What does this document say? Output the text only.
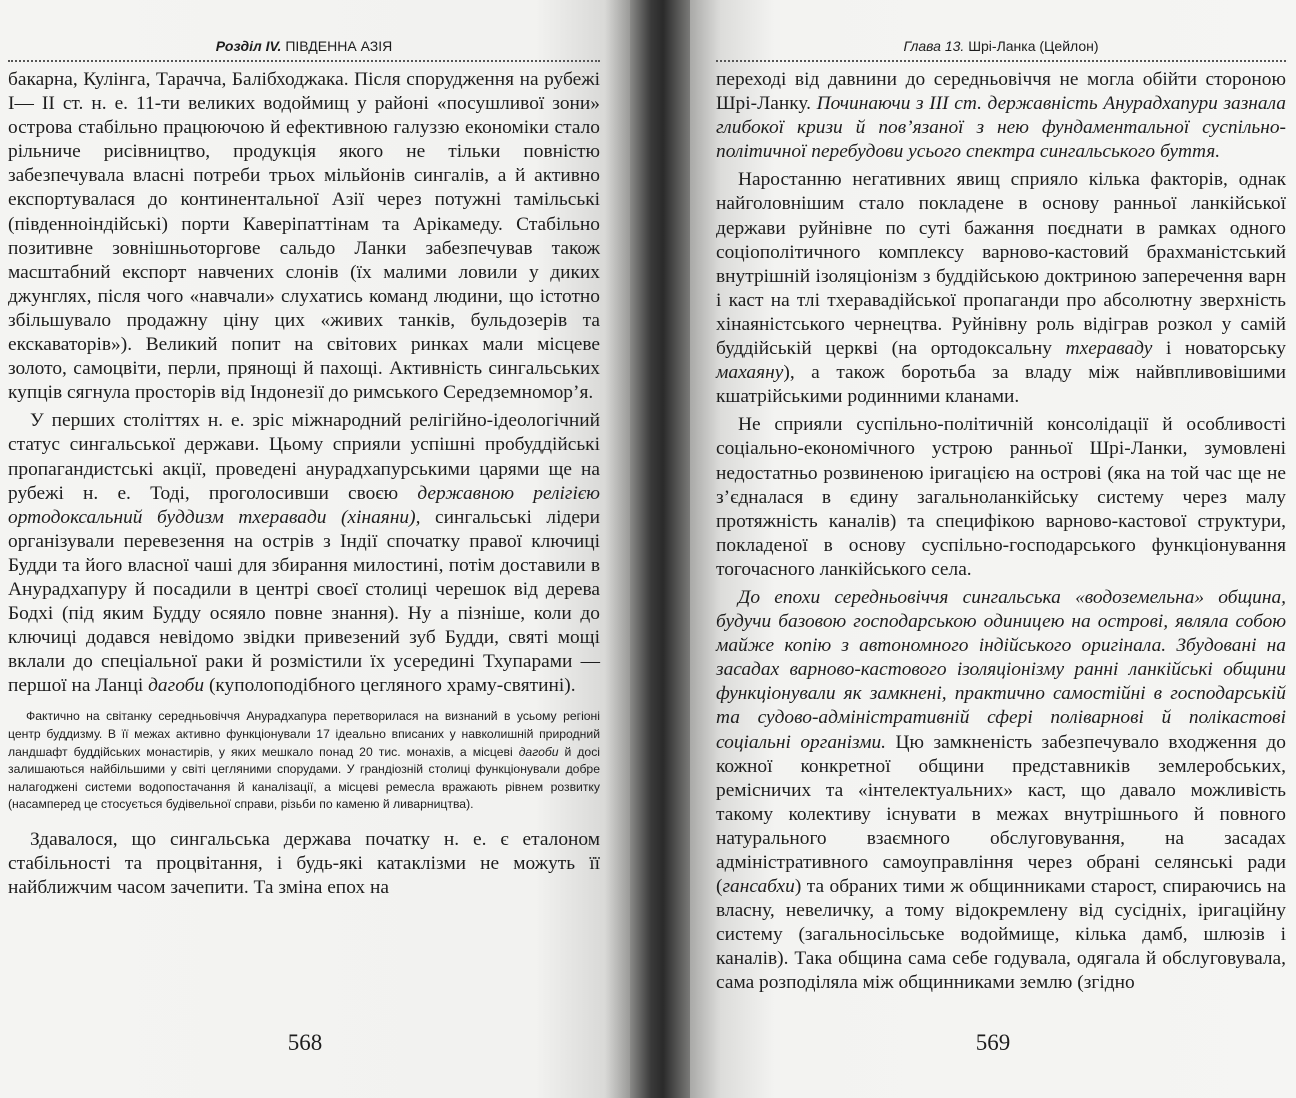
Розділ IV. ПІВДЕННА АЗІЯ

бакарна, Кулінга, Тарачча, Балібходжака. Після спорудження на рубежі I— II ст. н. е. 11-ти великих водоймищ у районі «посушливої зони» острова стабільно працюючою й ефективною галуззю економіки стало рільниче рисівництво, продукція якого не тільки повністю забезпечувала власні потреби трьох мільйонів сингалів, а й активно експортувалася до континентальної Азії через потужні тамільські (південноіндійські) порти Каверіпаттінам та Арікамеду. Стабільно позитивне зовнішньоторгове сальдо Ланки забезпечував також масштабний експорт навчених слонів (їх малими ловили у диких джунглях, після чого «навчали» слухатись команд людини, що істотно збільшувало продажну ціну цих «живих танків, бульдозерів та екскаваторів»). Великий попит на світових ринках мали місцеве золото, самоцвіти, перли, прянощі й пахощі. Активність сингальських купців сягнула просторів від Індонезії до римського Середземномор’я.

У перших століттях н. е. зріс міжнародний релігійно-ідеологічний статус сингальської держави. Цьому сприяли успішні пробуддійські пропагандистські акції, проведені анурадхапурськими царями ще на рубежі н. е. Тоді, проголосивши своєю державною релігією ортодоксальний буддизм тхеравади (хінаяни), сингальські лідери організували перевезення на острів з Індії спочатку правої ключиці Будди та його власної чаші для збирання милостині, потім доставили в Анурадхапуру й посадили в центрі своєї столиці черешок від дерева Бодхі (під яким Будду осяяло повне знання). Ну а пізніше, коли до ключиці додався невідомо звідки привезений зуб Будди, святі мощі вклали до спеціальної раки й розмістили їх усередині Тхупарами — першої на Ланці дагоби (куполоподібного цегляного храму-святині).

Фактично на світанку середньовіччя Анурадхапура перетворилася на визнаний в усьому регіоні центр буддизму. В її межах активно функціонували 17 ідеально вписаних у навколишній природний ландшафт буддійських монастирів, у яких мешкало понад 20 тис. монахів, а місцеві дагоби й досі залишаються найбільшими у світі цегляними спорудами. У грандіозній столиці функціонували добре налагоджені системи водопостачання й каналізації, а місцеві ремесла вражають рівнем розвитку (насамперед це стосується будівельної справи, різьби по каменю й ливарництва).

Здавалося, що сингальська держава початку н. е. є еталоном стабільності та процвітання, і будь-які катаклізми не можуть її найближчим часом зачепити. Та зміна епох на

568
Глава 13. Шрі-Ланка (Цейлон)

переході від давнини до середньовіччя не могла обійти стороною Шрі-Ланку. Починаючи з III ст. державність Анурадхапури зазнала глибокої кризи й пов’язаної з нею фундаментальної суспільно-політичної перебудови усього спектра сингальського буття.

Наростанню негативних явищ сприяло кілька факторів, однак найголовнішим стало покладене в основу ранньої ланкійської держави руйнівне по суті бажання поєднати в рамках одного соціополітичного комплексу варново-кастовий брахманістський внутрішній ізоляціонізм з буддійською доктриною заперечення варн і каст на тлі тхеравадійської пропаганди про абсолютну зверхність хінаяністського чернецтва. Руйнівну роль відіграв розкол у самій буддійській церкві (на ортодоксальну тхераваду і новаторську махаяну), а також боротьба за владу між найвпливовішими кшатрійськими родинними кланами.

Не сприяли суспільно-політичній консолідації й особливості соціально-економічного устрою ранньої Шрі-Ланки, зумовлені недостатньо розвиненою іригацією на острові (яка на той час ще не з’єдналася в єдину загальноланкійську систему через малу протяжність каналів) та специфікою варново-кастової структури, покладеної в основу суспільно-господарського функціонування тогочасного ланкійського села.

До епохи середньовіччя сингальська «водоземельна» община, будучи базовою господарською одиницею на острові, являла собою майже копію з автономного індійського оригінала. Збудовані на засадах варново-кастового ізоляціонізму ранні ланкійські общини функціонували як замкнені, практично самостійні в господарській та судово-адміністративній сфері полiварнові й полікастові соціальні організми. Цю замкненість забезпечувало входження до кожної конкретної общини представників землеробських, ремісничих та «інтелектуальних» каст, що давало можливість такому колективу існувати в межах внутрішнього й повного натурального взаємного обслуговування, на засадах адміністративного самоуправління через обрані селянські ради (гансабхи) та обраних тими ж общинниками старост, спираючись на власну, невеличку, а тому відокремлену від сусідніх, іригаційну систему (загальносільське водоймище, кілька дамб, шлюзів і каналів). Така община сама себе годувала, одягала й обслуговувала, сама розподіляла між общинниками землю (згідно

569
